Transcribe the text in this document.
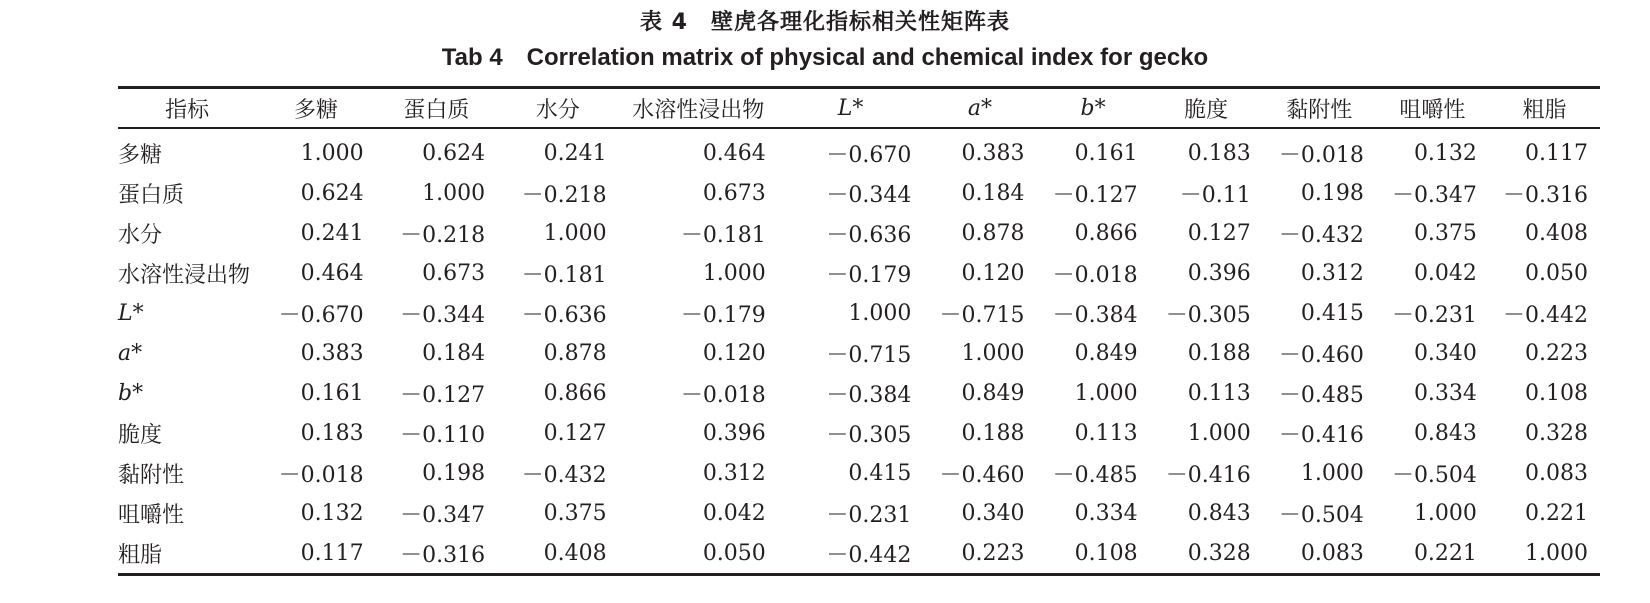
表 4　壁虎各理化指标相关性矩阵表
Tab 4　Correlation matrix of physical and chemical index for gecko
指标	多糖	蛋白质	水分	水溶性浸出物	L*	a*	b*	脆度	黏附性	咀嚼性	粗脂
多糖	1.000	0.624	0.241	0.464	－0.670	0.383	0.161	0.183	－0.018	0.132	0.117
蛋白质	0.624	1.000	－0.218	0.673	－0.344	0.184	－0.127	－0.11	0.198	－0.347	－0.316
水分	0.241	－0.218	1.000	－0.181	－0.636	0.878	0.866	0.127	－0.432	0.375	0.408
水溶性浸出物	0.464	0.673	－0.181	1.000	－0.179	0.120	－0.018	0.396	0.312	0.042	0.050
L*	－0.670	－0.344	－0.636	－0.179	1.000	－0.715	－0.384	－0.305	0.415	－0.231	－0.442
a*	0.383	0.184	0.878	0.120	－0.715	1.000	0.849	0.188	－0.460	0.340	0.223
b*	0.161	－0.127	0.866	－0.018	－0.384	0.849	1.000	0.113	－0.485	0.334	0.108
脆度	0.183	－0.110	0.127	0.396	－0.305	0.188	0.113	1.000	－0.416	0.843	0.328
黏附性	－0.018	0.198	－0.432	0.312	0.415	－0.460	－0.485	－0.416	1.000	－0.504	0.083
咀嚼性	0.132	－0.347	0.375	0.042	－0.231	0.340	0.334	0.843	－0.504	1.000	0.221
粗脂	0.117	－0.316	0.408	0.050	－0.442	0.223	0.108	0.328	0.083	0.221	1.000
